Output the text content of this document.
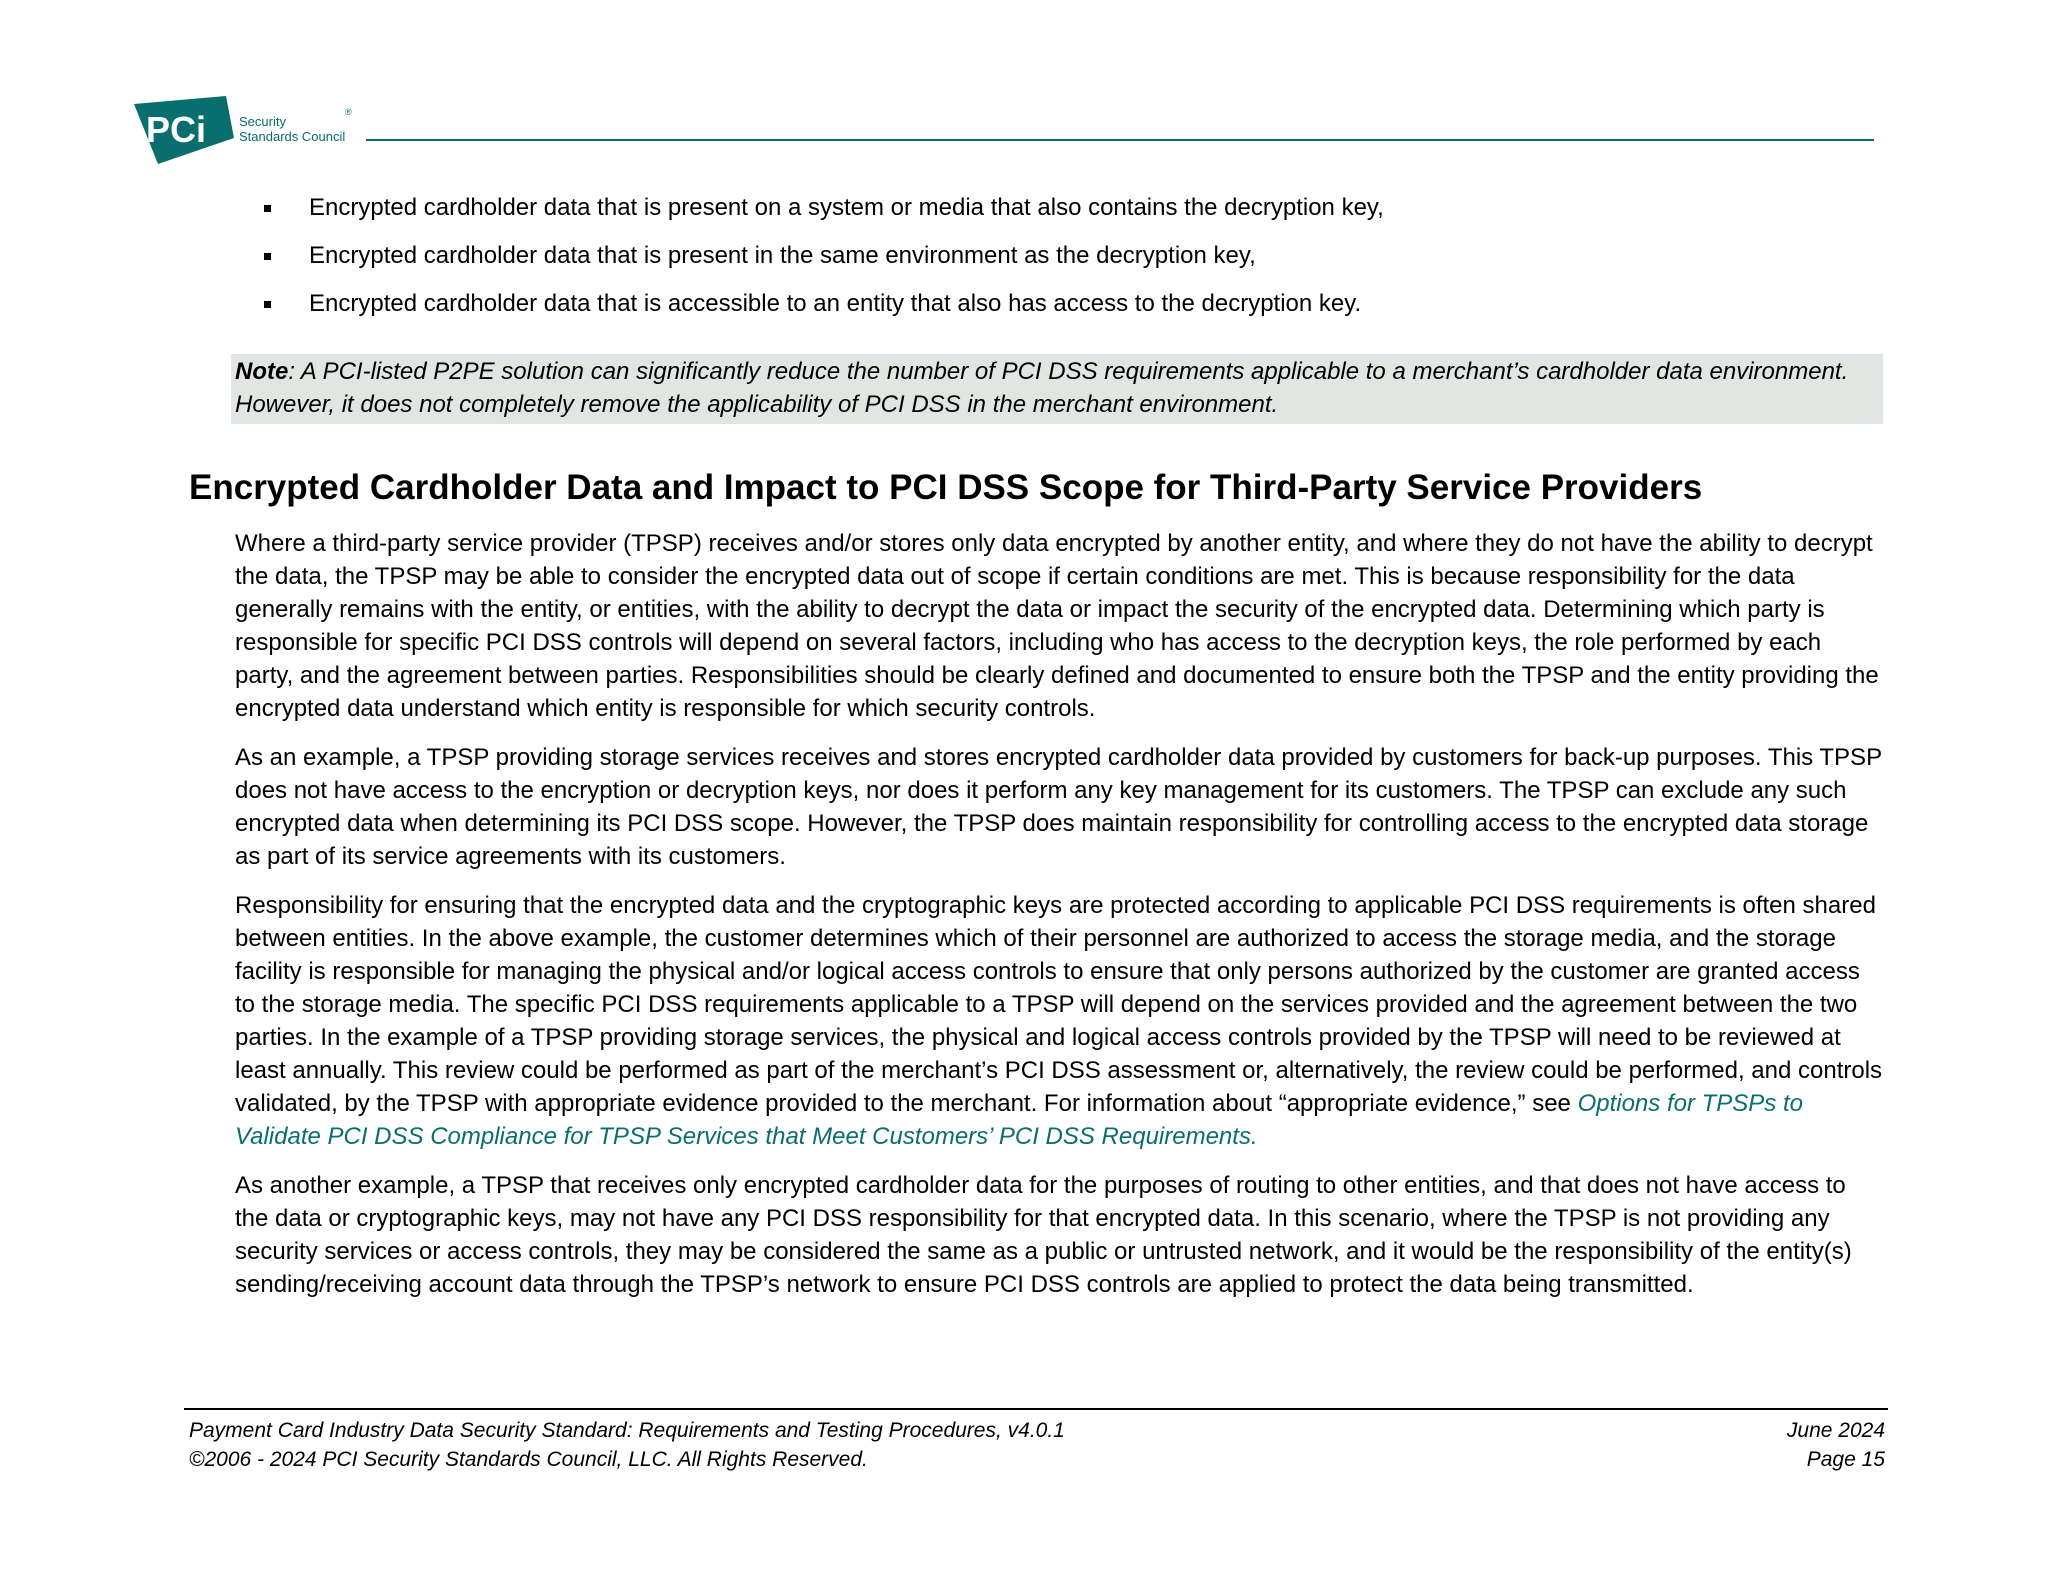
PCi	Security
Standards Council
®
Encrypted cardholder data that is present on a system or media that also contains the decryption key,
Encrypted cardholder data that is present in the same environment as the decryption key,
Encrypted cardholder data that is accessible to an entity that also has access to the decryption key.
Note: A PCI-listed P2PE solution can significantly reduce the number of PCI DSS requirements applicable to a merchant’s cardholder data environment. However, it does not completely remove the applicability of PCI DSS in the merchant environment.
Encrypted Cardholder Data and Impact to PCI DSS Scope for Third-Party Service Providers

Where a third-party service provider (TPSP) receives and/or stores only data encrypted by another entity, and where they do not have the ability to decrypt the data, the TPSP may be able to consider the encrypted data out of scope if certain conditions are met. This is because responsibility for the data generally remains with the entity, or entities, with the ability to decrypt the data or impact the security of the encrypted data. Determining which party is responsible for specific PCI DSS controls will depend on several factors, including who has access to the decryption keys, the role performed by each party, and the agreement between parties. Responsibilities should be clearly defined and documented to ensure both the TPSP and the entity providing the encrypted data understand which entity is responsible for which security controls.

As an example, a TPSP providing storage services receives and stores encrypted cardholder data provided by customers for back-up purposes. This TPSP does not have access to the encryption or decryption keys, nor does it perform any key management for its customers. The TPSP can exclude any such encrypted data when determining its PCI DSS scope. However, the TPSP does maintain responsibility for controlling access to the encrypted data storage as part of its service agreements with its customers.

Responsibility for ensuring that the encrypted data and the cryptographic keys are protected according to applicable PCI DSS requirements is often shared between entities. In the above example, the customer determines which of their personnel are authorized to access the storage media, and the storage facility is responsible for managing the physical and/or logical access controls to ensure that only persons authorized by the customer are granted access to the storage media. The specific PCI DSS requirements applicable to a TPSP will depend on the services provided and the agreement between the two parties. In the example of a TPSP providing storage services, the physical and logical access controls provided by the TPSP will need to be reviewed at least annually. This review could be performed as part of the merchant’s PCI DSS assessment or, alternatively, the review could be performed, and controls validated, by the TPSP with appropriate evidence provided to the merchant. For information about “appropriate evidence,” see Options for TPSPs to Validate PCI DSS Compliance for TPSP Services that Meet Customers’ PCI DSS Requirements.

As another example, a TPSP that receives only encrypted cardholder data for the purposes of routing to other entities, and that does not have access to the data or cryptographic keys, may not have any PCI DSS responsibility for that encrypted data. In this scenario, where the TPSP is not providing any security services or access controls, they may be considered the same as a public or untrusted network, and it would be the responsibility of the entity(s) sending/receiving account data through the TPSP’s network to ensure PCI DSS controls are applied to protect the data being transmitted.

Payment Card Industry Data Security Standard: Requirements and Testing Procedures, v4.0.1	June 2024
©2006 - 2024 PCI Security Standards Council, LLC. All Rights Reserved.	Page 15
